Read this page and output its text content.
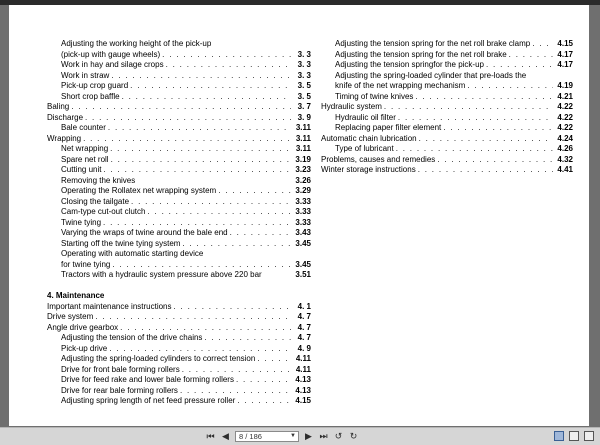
Adjusting the working height of the pick-up
(pick-up with gauge wheels) . . .	3. 3
Work in hay and silage crops . . .	3. 3
Work in straw . . .	3. 3
Pick-up crop guard . . .	3. 5
Short crop baffle . . .	3. 5
Baling . . .	3. 7
Discharge . . .	3. 9
Bale counter . . .	3.11
Wrapping . . .	3.11
Net wrapping . . .	3.11
Spare net roll . . .	3.19
Cutting unit . . .	3.23
Removing the knives	3.26
Operating the Rollatex net wrapping system . . .	3.29
Closing the tailgate . . .	3.33
Cam-type cut-out clutch . . .	3.33
Twine tying . . .	3.33
Varying the wraps of twine around the bale end . . .	3.43
Starting off the twine tying system . . .	3.45
Operating with automatic starting device
for twine tying . . .	3.45
Tractors with a hydraulic system pressure above 220 bar	3.51
4. Maintenance
Important maintenance instructions . . .	4. 1
Drive system . . .	4. 7
Angle drive gearbox . . .	4. 7
Adjusting the tension of the drive chains . . .	4. 7
Pick-up drive . . .	4. 9
Adjusting the spring-loaded cylinders to correct tension . . .	4.11
Drive for front bale forming rollers . . .	4.11
Drive for feed rake and lower bale forming rollers . . .	4.13
Drive for rear bale forming rollers . . .	4.13
Adjusting spring length of net feed pressure roller . . .	4.15
Adjusting the tension spring for the net roll brake clamp . . .	4.15
Adjusting the tension spring for the net roll brake . . .	4.17
Adjusting the tension springfor the pick-up . . .	4.17
Adjusting the spring-loaded cylinder that pre-loads the
knife of the net wrapping mechanism . . .	4.19
Timing of twine knives . . .	4.21
Hydraulic system . . .	4.22
Hydraulic oil filter . . .	4.22
Replacing paper filter element . . .	4.22
Automatic chain lubrication . . .	4.24
Type of lubricant . . .	4.26
Problems, causes and remedies . . .	4.32
Winter storage instructions . . .	4.41
⏮ ◀ 8 / 186	▼ ▶ ⏭ ↺ ↻
